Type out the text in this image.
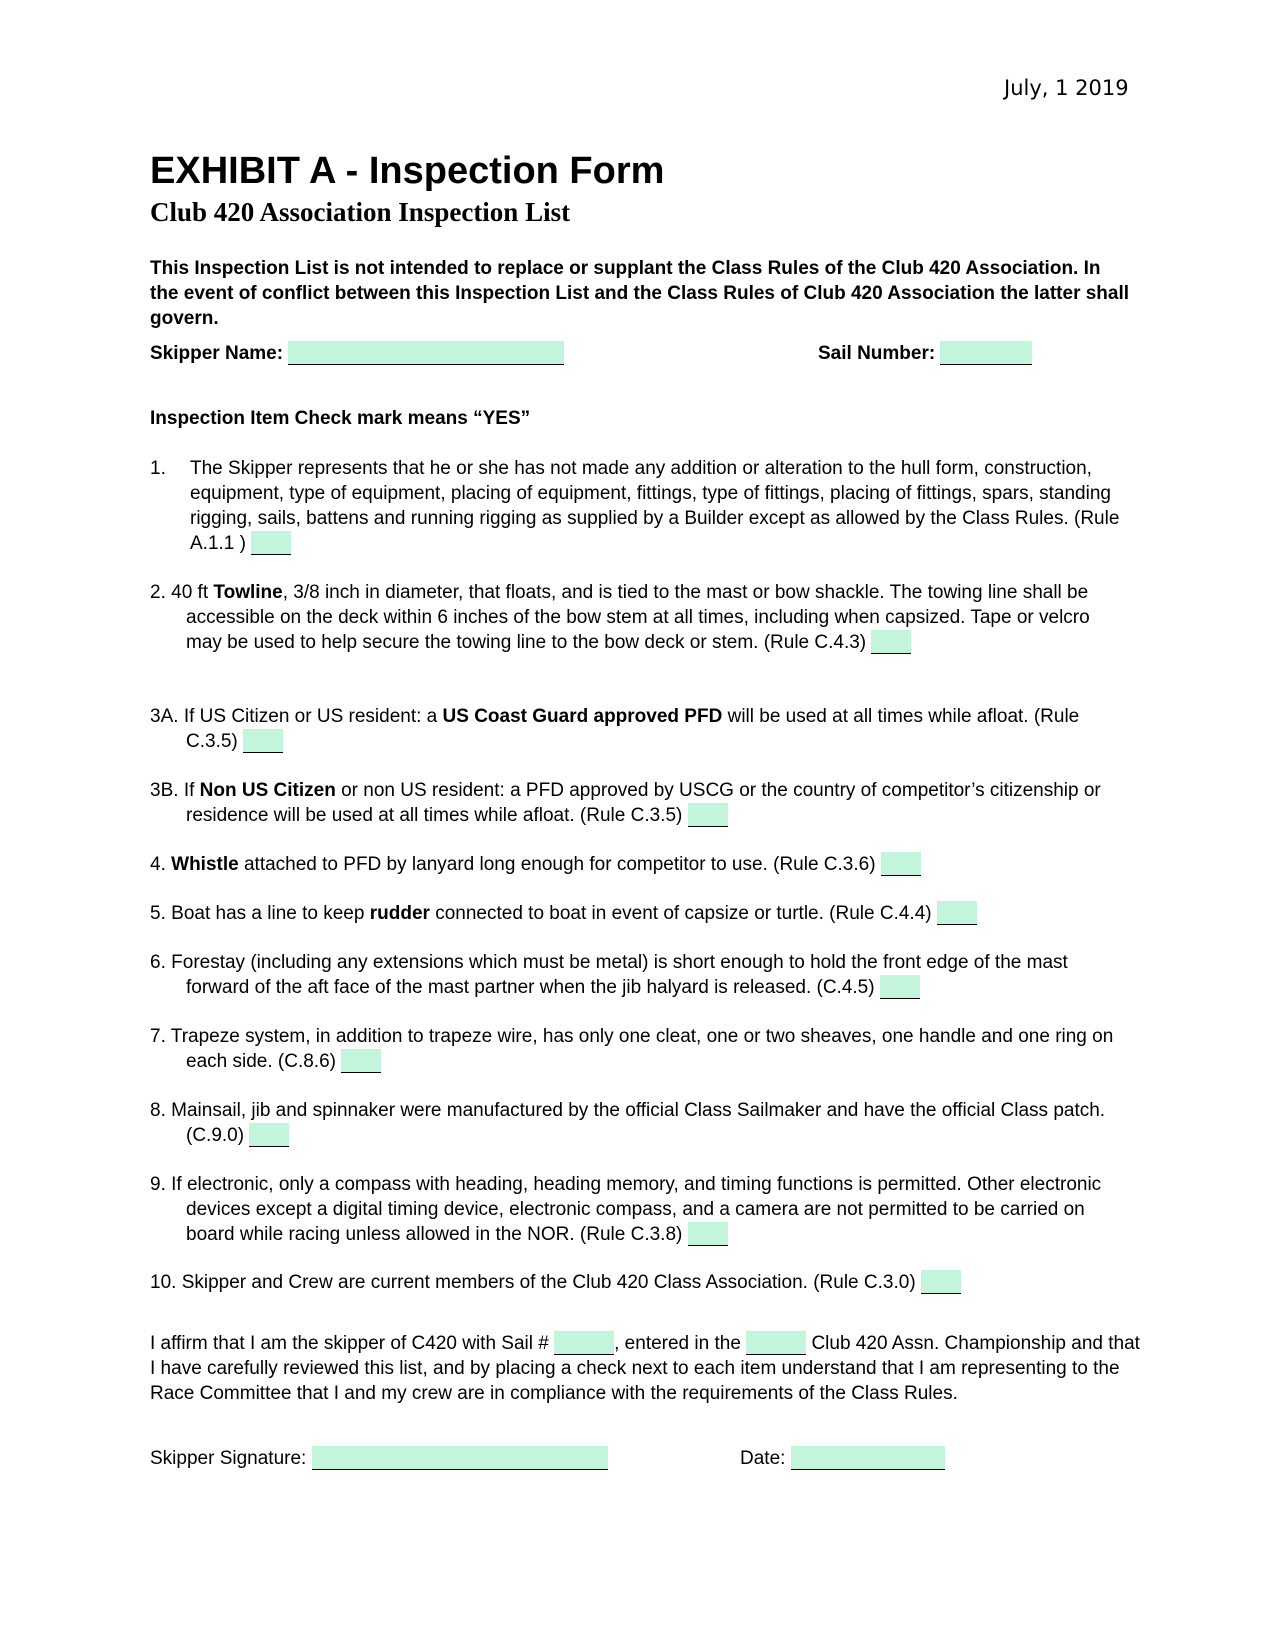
July, 1 2019
EXHIBIT A - Inspection Form
Club 420 Association Inspection List

This Inspection List is not intended to replace or supplant the Class Rules of the Club 420 Association. In the event of conflict between this Inspection List and the Class Rules of Club 420 Association the latter shall govern.

Skipper Name:	Sail Number:
Inspection Item Check mark means “YES”
1.	The Skipper represents that he or she has not made any addition or alteration to the hull form, construction, equipment, type of equipment, placing of equipment, fittings, type of fittings, placing of fittings, spars, standing rigging, sails, battens and running rigging as supplied by a Builder except as allowed by the Class Rules. (Rule A.1.1 )
2. 40 ft Towline, 3/8 inch in diameter, that floats, and is tied to the mast or bow shackle. The towing line shall be accessible on the deck within 6 inches of the bow stem at all times, including when capsized. Tape or velcro may be used to help secure the towing line to the bow deck or stem. (Rule C.4.3)
3A. If US Citizen or US resident: a US Coast Guard approved PFD will be used at all times while afloat. (Rule C.3.5)
3B. If Non US Citizen or non US resident: a PFD approved by USCG or the country of competitor’s citizenship or residence will be used at all times while afloat. (Rule C.3.5)
4. Whistle attached to PFD by lanyard long enough for competitor to use. (Rule C.3.6)
5. Boat has a line to keep rudder connected to boat in event of capsize or turtle. (Rule C.4.4)
6. Forestay (including any extensions which must be metal) is short enough to hold the front edge of the mast forward of the aft face of the mast partner when the jib halyard is released. (C.4.5)
7. Trapeze system, in addition to trapeze wire, has only one cleat, one or two sheaves, one handle and one ring on each side. (C.8.6)
8. Mainsail, jib and spinnaker were manufactured by the official Class Sailmaker and have the official Class patch. (C.9.0)
9. If electronic, only a compass with heading, heading memory, and timing functions is permitted. Other electronic devices except a digital timing device, electronic compass, and a camera are not permitted to be carried on board while racing unless allowed in the NOR. (Rule C.3.8)
10. Skipper and Crew are current members of the Club 420 Class Association. (Rule C.3.0)
I affirm that I am the skipper of C420 with Sail #	, entered in the	Club 420 Assn. Championship and that I have carefully reviewed this list, and by placing a check next to each item understand that I am representing to the Race Committee that I and my crew are in compliance with the requirements of the Class Rules.
Skipper Signature:	Date:
